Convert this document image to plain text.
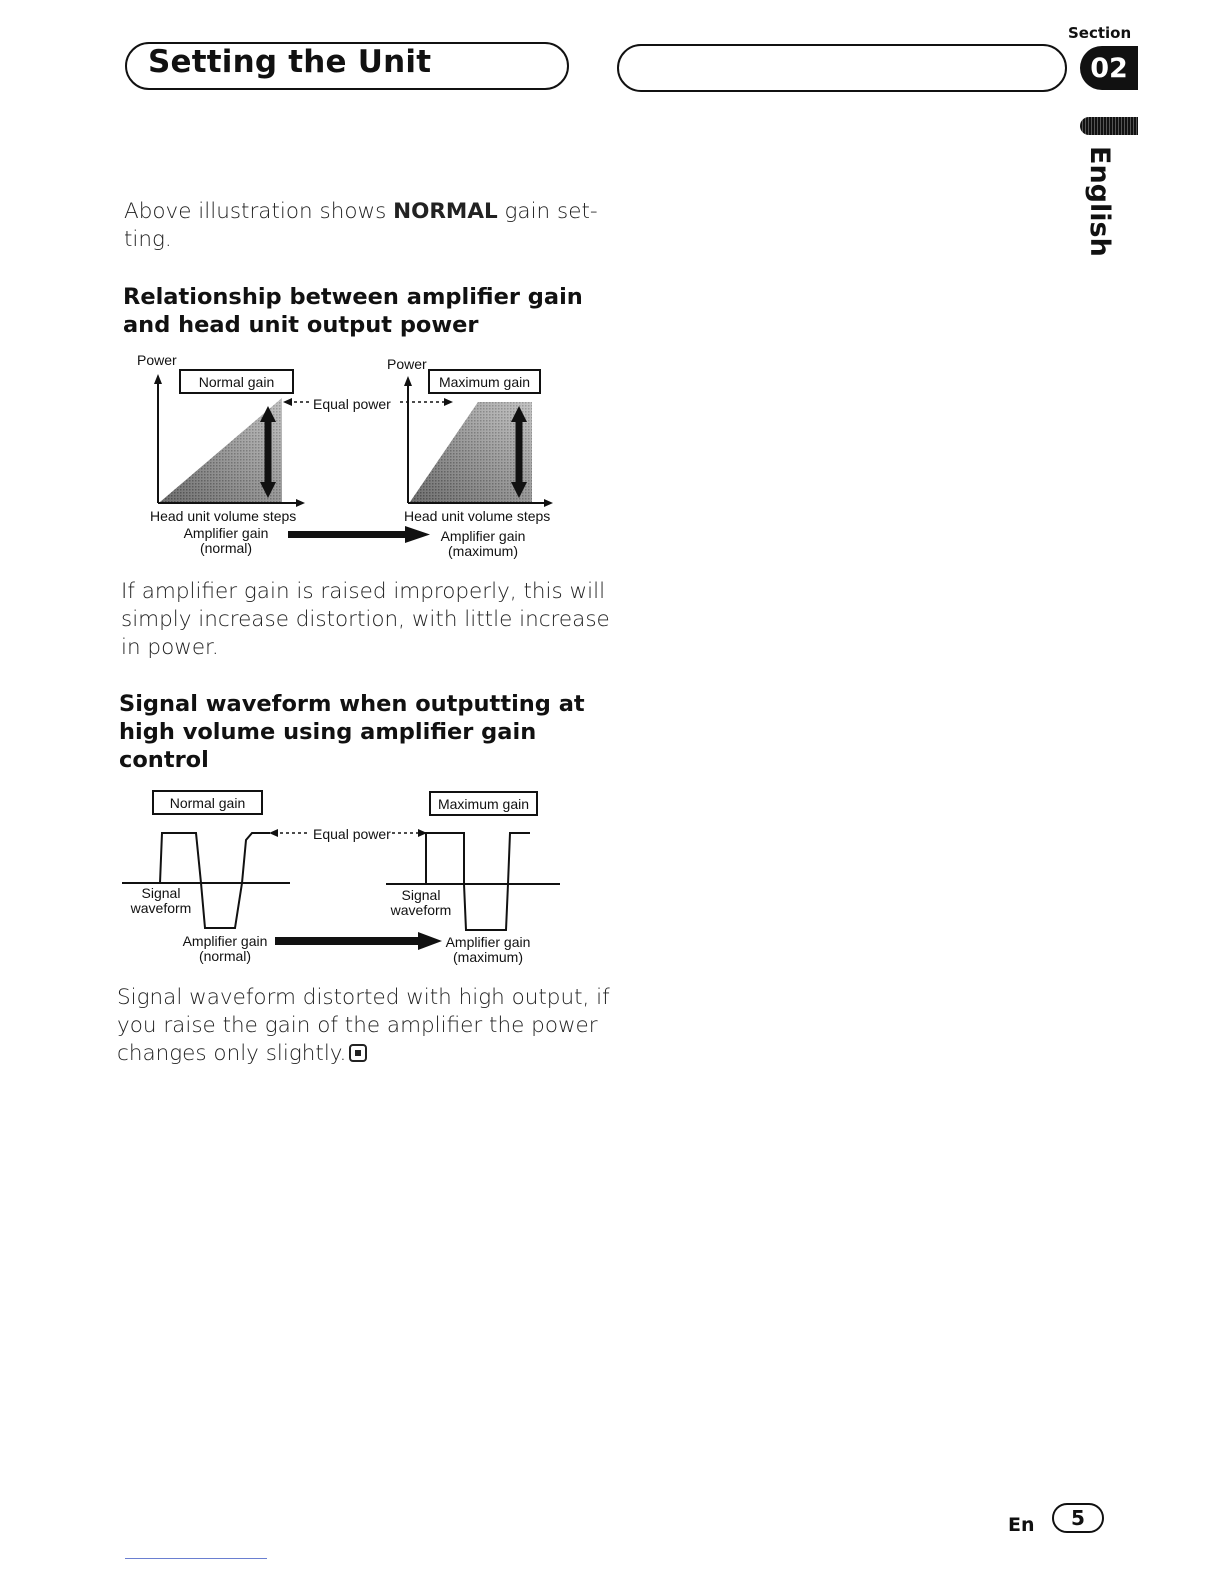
Setting the Unit
Section
02
English
Above illustration shows NORMAL gain set-
ting.
Relationship between amplifier gain
and head unit output power
Power	Power
Normal gain	Maximum gain
Equal power
Head unit volume steps	Head unit volume steps
Amplifier gain
(normal)
Amplifier gain
(maximum)
If amplifier gain is raised improperly, this will
simply increase distortion, with little increase
in power.
Signal waveform when outputting at
high volume using amplifier gain
control
Normal gain	Maximum gain
Equal power
Signal
waveform
Signal
waveform
Amplifier gain
(normal)
Amplifier gain
(maximum)
Signal waveform distorted with high output, if
you raise the gain of the amplifier the power
changes only slightly.
En	5
